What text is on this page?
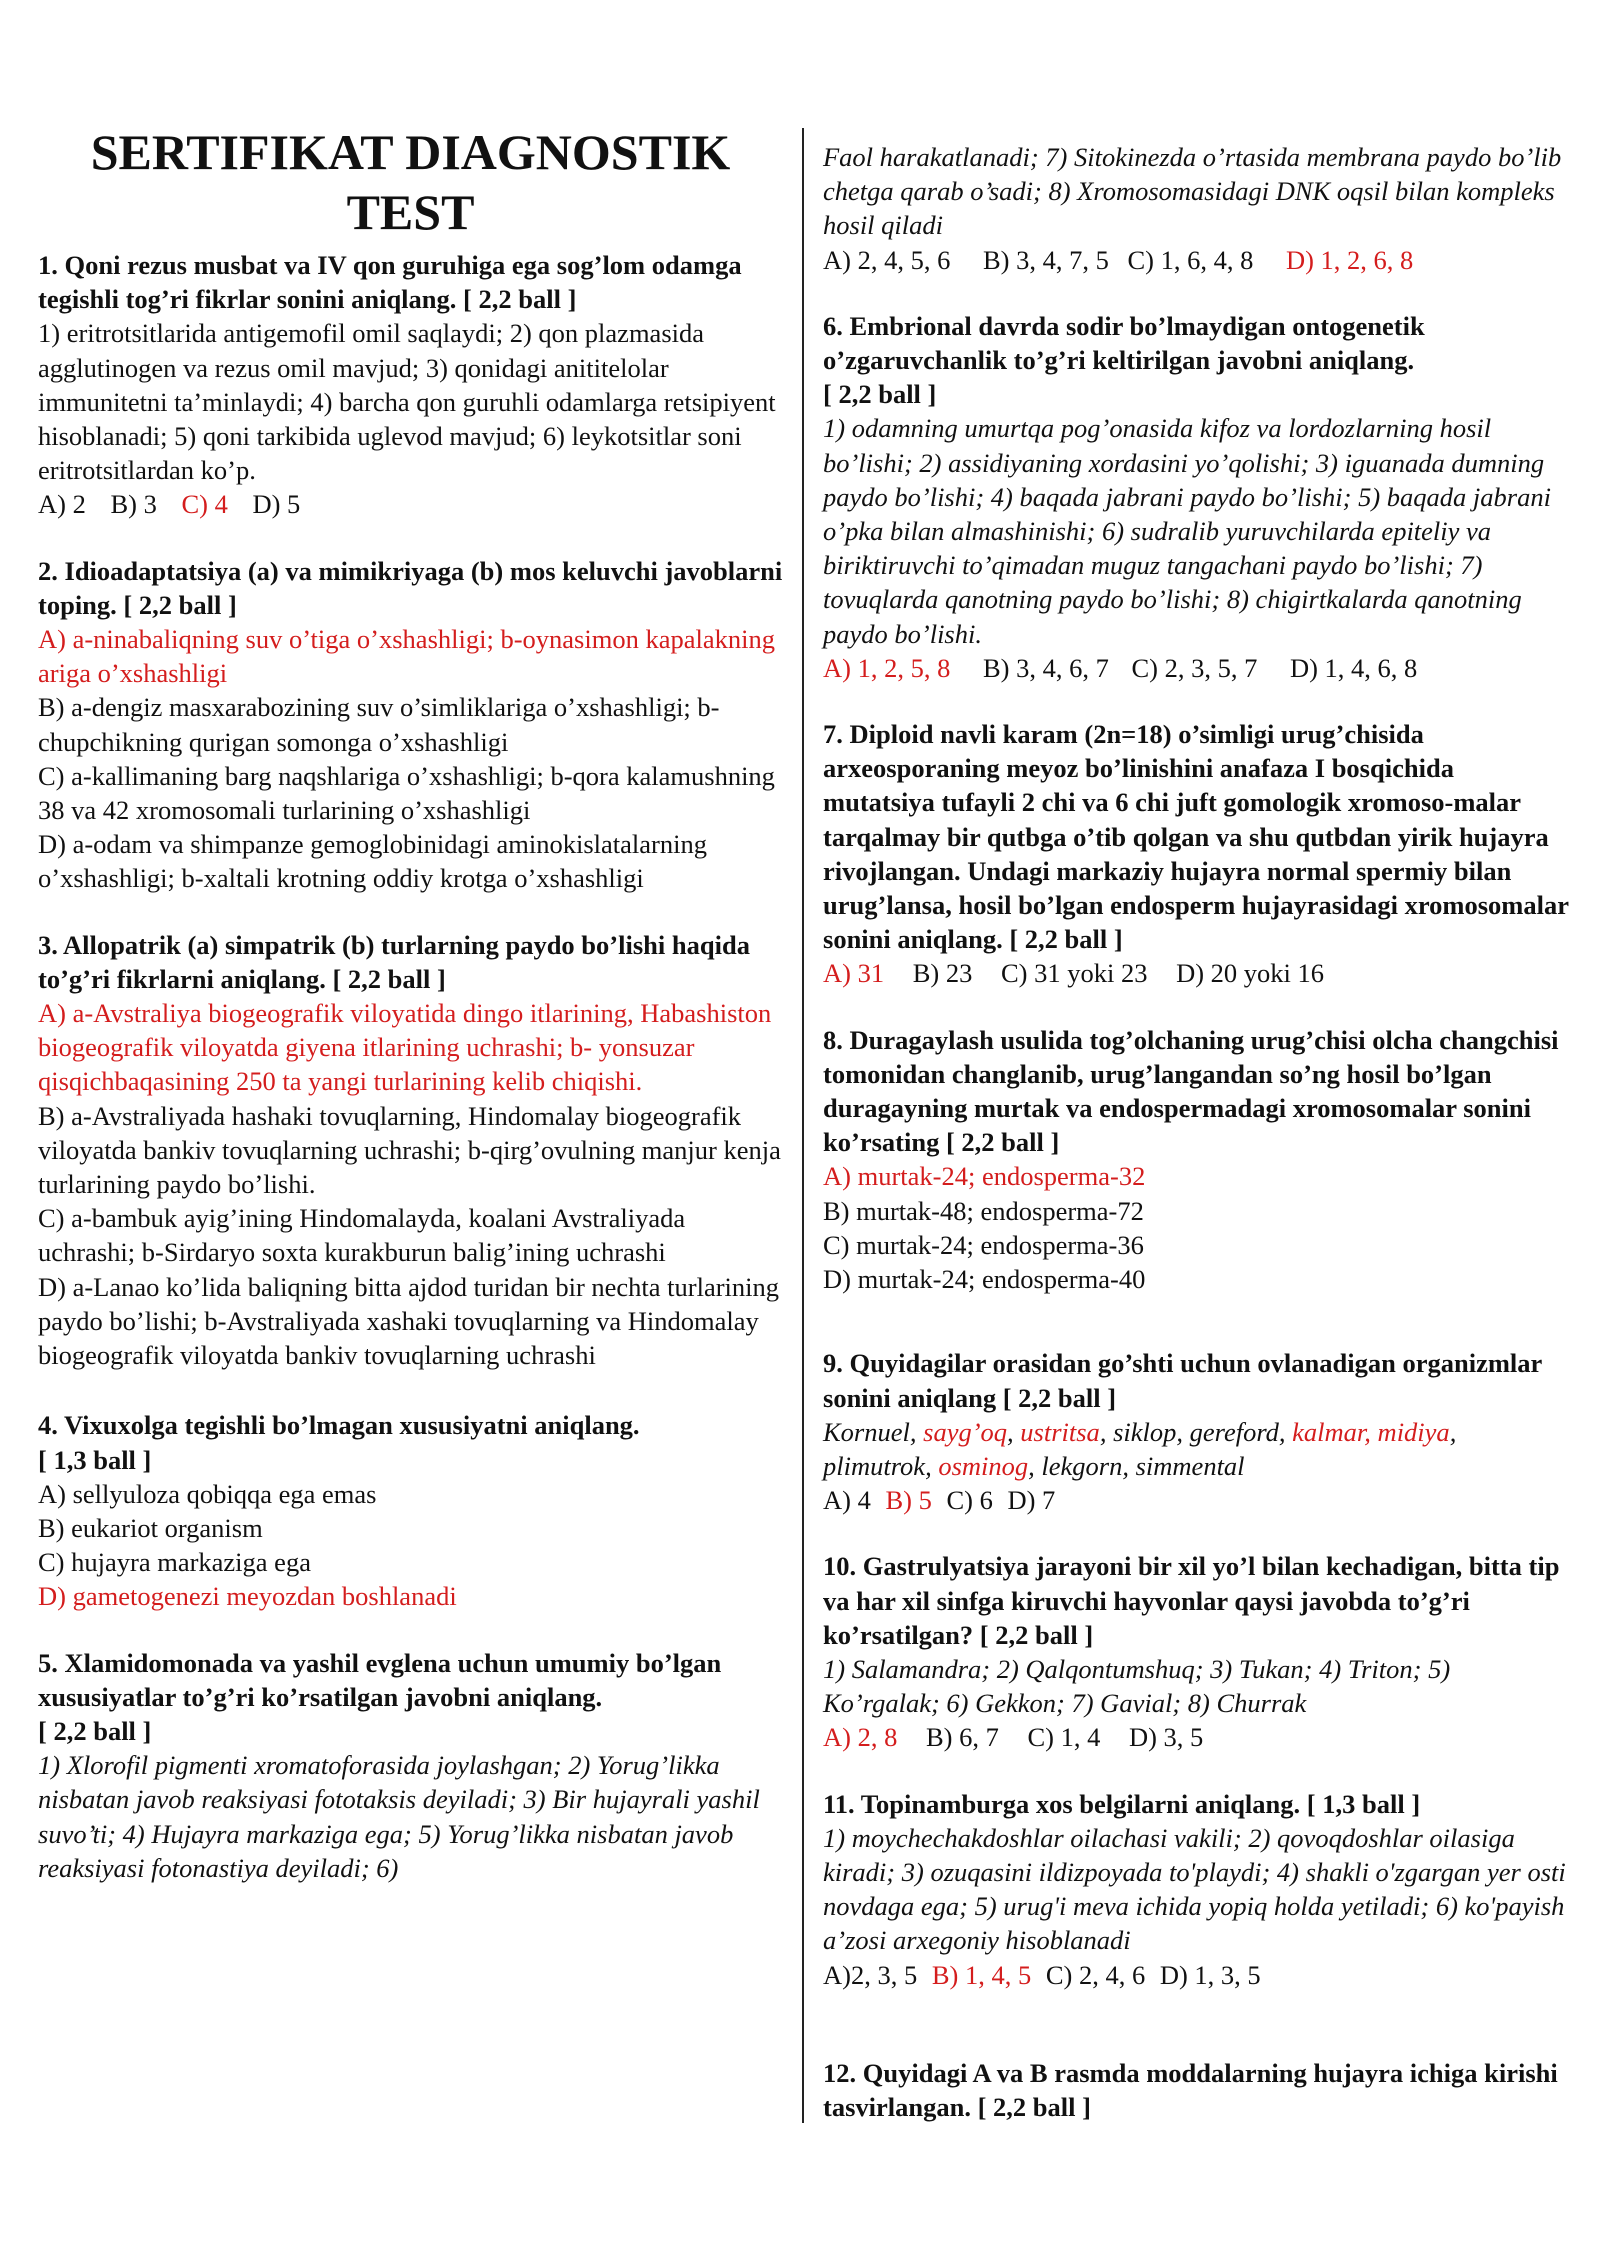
SERTIFIKAT DIAGNOSTIK TEST
1. Qoni rezus musbat va IV qon guruhiga ega sog’lom odamga tegishli tog’ri fikrlar sonini aniqlang. [ 2,2 ball ]
1) eritrotsitlarida antigemofil omil saqlaydi; 2) qon plazmasida agglutinogen va rezus omil mavjud; 3) qonidagi anititelolar immunitetni ta’minlaydi; 4) barcha qon guruhli odamlarga retsipiyent hisoblanadi; 5) qoni tarkibida uglevod mavjud; 6) leykotsitlar soni eritrotsitlardan ko’p.
A) 2 B) 3 C) 4 D) 5
2. Idioadaptatsiya (a) va mimikriyaga (b) mos keluvchi javoblarni toping. [ 2,2 ball ]
A) a-ninabaliqning suv o’tiga o’xshashligi; b-oynasimon kapalakning ariga o’xshashligi
B) a-dengiz masxarabozining suv o’simliklariga o’xshashligi; b-chupchikning qurigan somonga o’xshashligi
C) a-kallimaning barg naqshlariga o’xshashligi; b-qora kalamushning 38 va 42 xromosomali turlarining o’xshashligi
D) a-odam va shimpanze gemoglobinidagi aminokislatalarning o’xshashligi; b-xaltali krotning oddiy krotga o’xshashligi
3. Allopatrik (a) simpatrik (b) turlarning paydo bo’lishi haqida to’g’ri fikrlarni aniqlang. [ 2,2 ball ]
A) a-Avstraliya biogeografik viloyatida dingo itlarining, Habashiston biogeografik viloyatda giyena itlarining uchrashi; b- yonsuzar qisqichbaqasining 250 ta yangi turlarining kelib chiqishi.
B) a-Avstraliyada hashaki tovuqlarning, Hindomalay biogeografik viloyatda bankiv tovuqlarning uchrashi; b-qirg’ovulning manjur kenja turlarining paydo bo’lishi.
C) a-bambuk ayig’ining Hindomalayda, koalani Avstraliyada uchrashi; b-Sirdaryo soxta kurakburun balig’ining uchrashi
D) a-Lanao ko’lida baliqning bitta ajdod turidan bir nechta turlarining paydo bo’lishi; b-Avstraliyada xashaki tovuqlarning va Hindomalay biogeografik viloyatda bankiv tovuqlarning uchrashi
4. Vixuxolga tegishli bo’lmagan xususiyatni aniqlang.
[ 1,3 ball ]
A) sellyuloza qobiqqa ega emas
B) eukariot organism
C) hujayra markaziga ega
D) gametogenezi meyozdan boshlanadi
5. Xlamidomonada va yashil evglena uchun umumiy bo’lgan xususiyatlar to’g’ri ko’rsatilgan javobni aniqlang.
[ 2,2 ball ]
1) Xlorofil pigmenti xromatoforasida joylashgan; 2) Yorug’likka nisbatan javob reaksiyasi fototaksis deyiladi; 3) Bir hujayrali yashil suvo’ti; 4) Hujayra markaziga ega; 5) Yorug’likka nisbatan javob reaksiyasi fotonastiya deyiladi; 6)
Faol harakatlanadi; 7) Sitokinezda o’rtasida membrana paydo bo’lib chetga qarab o’sadi; 8) Xromosomasidagi DNK oqsil bilan kompleks hosil qiladi
A) 2, 4, 5, 6 B) 3, 4, 7, 5 C) 1, 6, 4, 8 D) 1, 2, 6, 8
6. Embrional davrda sodir bo’lmaydigan ontogenetik o’zgaruvchanlik to’g’ri keltirilgan javobni aniqlang.
[ 2,2 ball ]
1) odamning umurtqa pog’onasida kifoz va lordozlarning hosil bo’lishi; 2) assidiyaning xordasini yo’qolishi; 3) iguanada dumning paydo bo’lishi; 4) baqada jabrani paydo bo’lishi; 5) baqada jabrani o’pka bilan almashinishi; 6) sudralib yuruvchilarda epiteliy va biriktiruvchi to’qimadan muguz tangachani paydo bo’lishi; 7) tovuqlarda qanotning paydo bo’lishi; 8) chigirtkalarda qanotning paydo bo’lishi.
A) 1, 2, 5, 8 B) 3, 4, 6, 7 C) 2, 3, 5, 7 D) 1, 4, 6, 8
7. Diploid navli karam (2n=18) o’simligi urug’chisida arxeosporaning meyoz bo’linishini anafaza I bosqichida mutatsiya tufayli 2 chi va 6 chi juft gomologik xromoso-malar tarqalmay bir qutbga o’tib qolgan va shu qutbdan yirik hujayra rivojlangan. Undagi markaziy hujayra normal spermiy bilan urug’lansa, hosil bo’lgan endosperm hujayrasidagi xromosomalar sonini aniqlang. [ 2,2 ball ]
A) 31 B) 23 C) 31 yoki 23 D) 20 yoki 16
8. Duragaylash usulida tog’olchaning urug’chisi olcha changchisi tomonidan changlanib, urug’langandan so’ng hosil bo’lgan duragayning murtak va endospermadagi xromosomalar sonini ko’rsating [ 2,2 ball ]
A) murtak-24; endosperma-32
B) murtak-48; endosperma-72
C) murtak-24; endosperma-36
D) murtak-24; endosperma-40
9. Quyidagilar orasidan go’shti uchun ovlanadigan organizmlar sonini aniqlang [ 2,2 ball ]
Kornuel, sayg’oq, ustritsa, siklop, gereford, kalmar, midiya, plimutrok, osminog, lekgorn, simmental
A) 4 B) 5 C) 6 D) 7
10. Gastrulyatsiya jarayoni bir xil yo’l bilan kechadigan, bitta tip va har xil sinfga kiruvchi hayvonlar qaysi javobda to’g’ri ko’rsatilgan? [ 2,2 ball ]
1) Salamandra; 2) Qalqontumshuq; 3) Tukan; 4) Triton; 5) Ko’rgalak; 6) Gekkon; 7) Gavial; 8) Churrak
A) 2, 8 B) 6, 7 C) 1, 4 D) 3, 5
11. Topinamburga xos belgilarni aniqlang. [ 1,3 ball ]
1) moychechakdoshlar oilachasi vakili; 2) qovoqdoshlar oilasiga kiradi; 3) ozuqasini ildizpoyada to'playdi; 4) shakli o'zgargan yer osti novdaga ega; 5) urug'i meva ichida yopiq holda yetiladi; 6) ko'payish a’zosi arxegoniy hisoblanadi
A)2, 3, 5 B) 1, 4, 5 C) 2, 4, 6 D) 1, 3, 5
12. Quyidagi A va B rasmda moddalarning hujayra ichiga kirishi tasvirlangan. [ 2,2 ball ]
